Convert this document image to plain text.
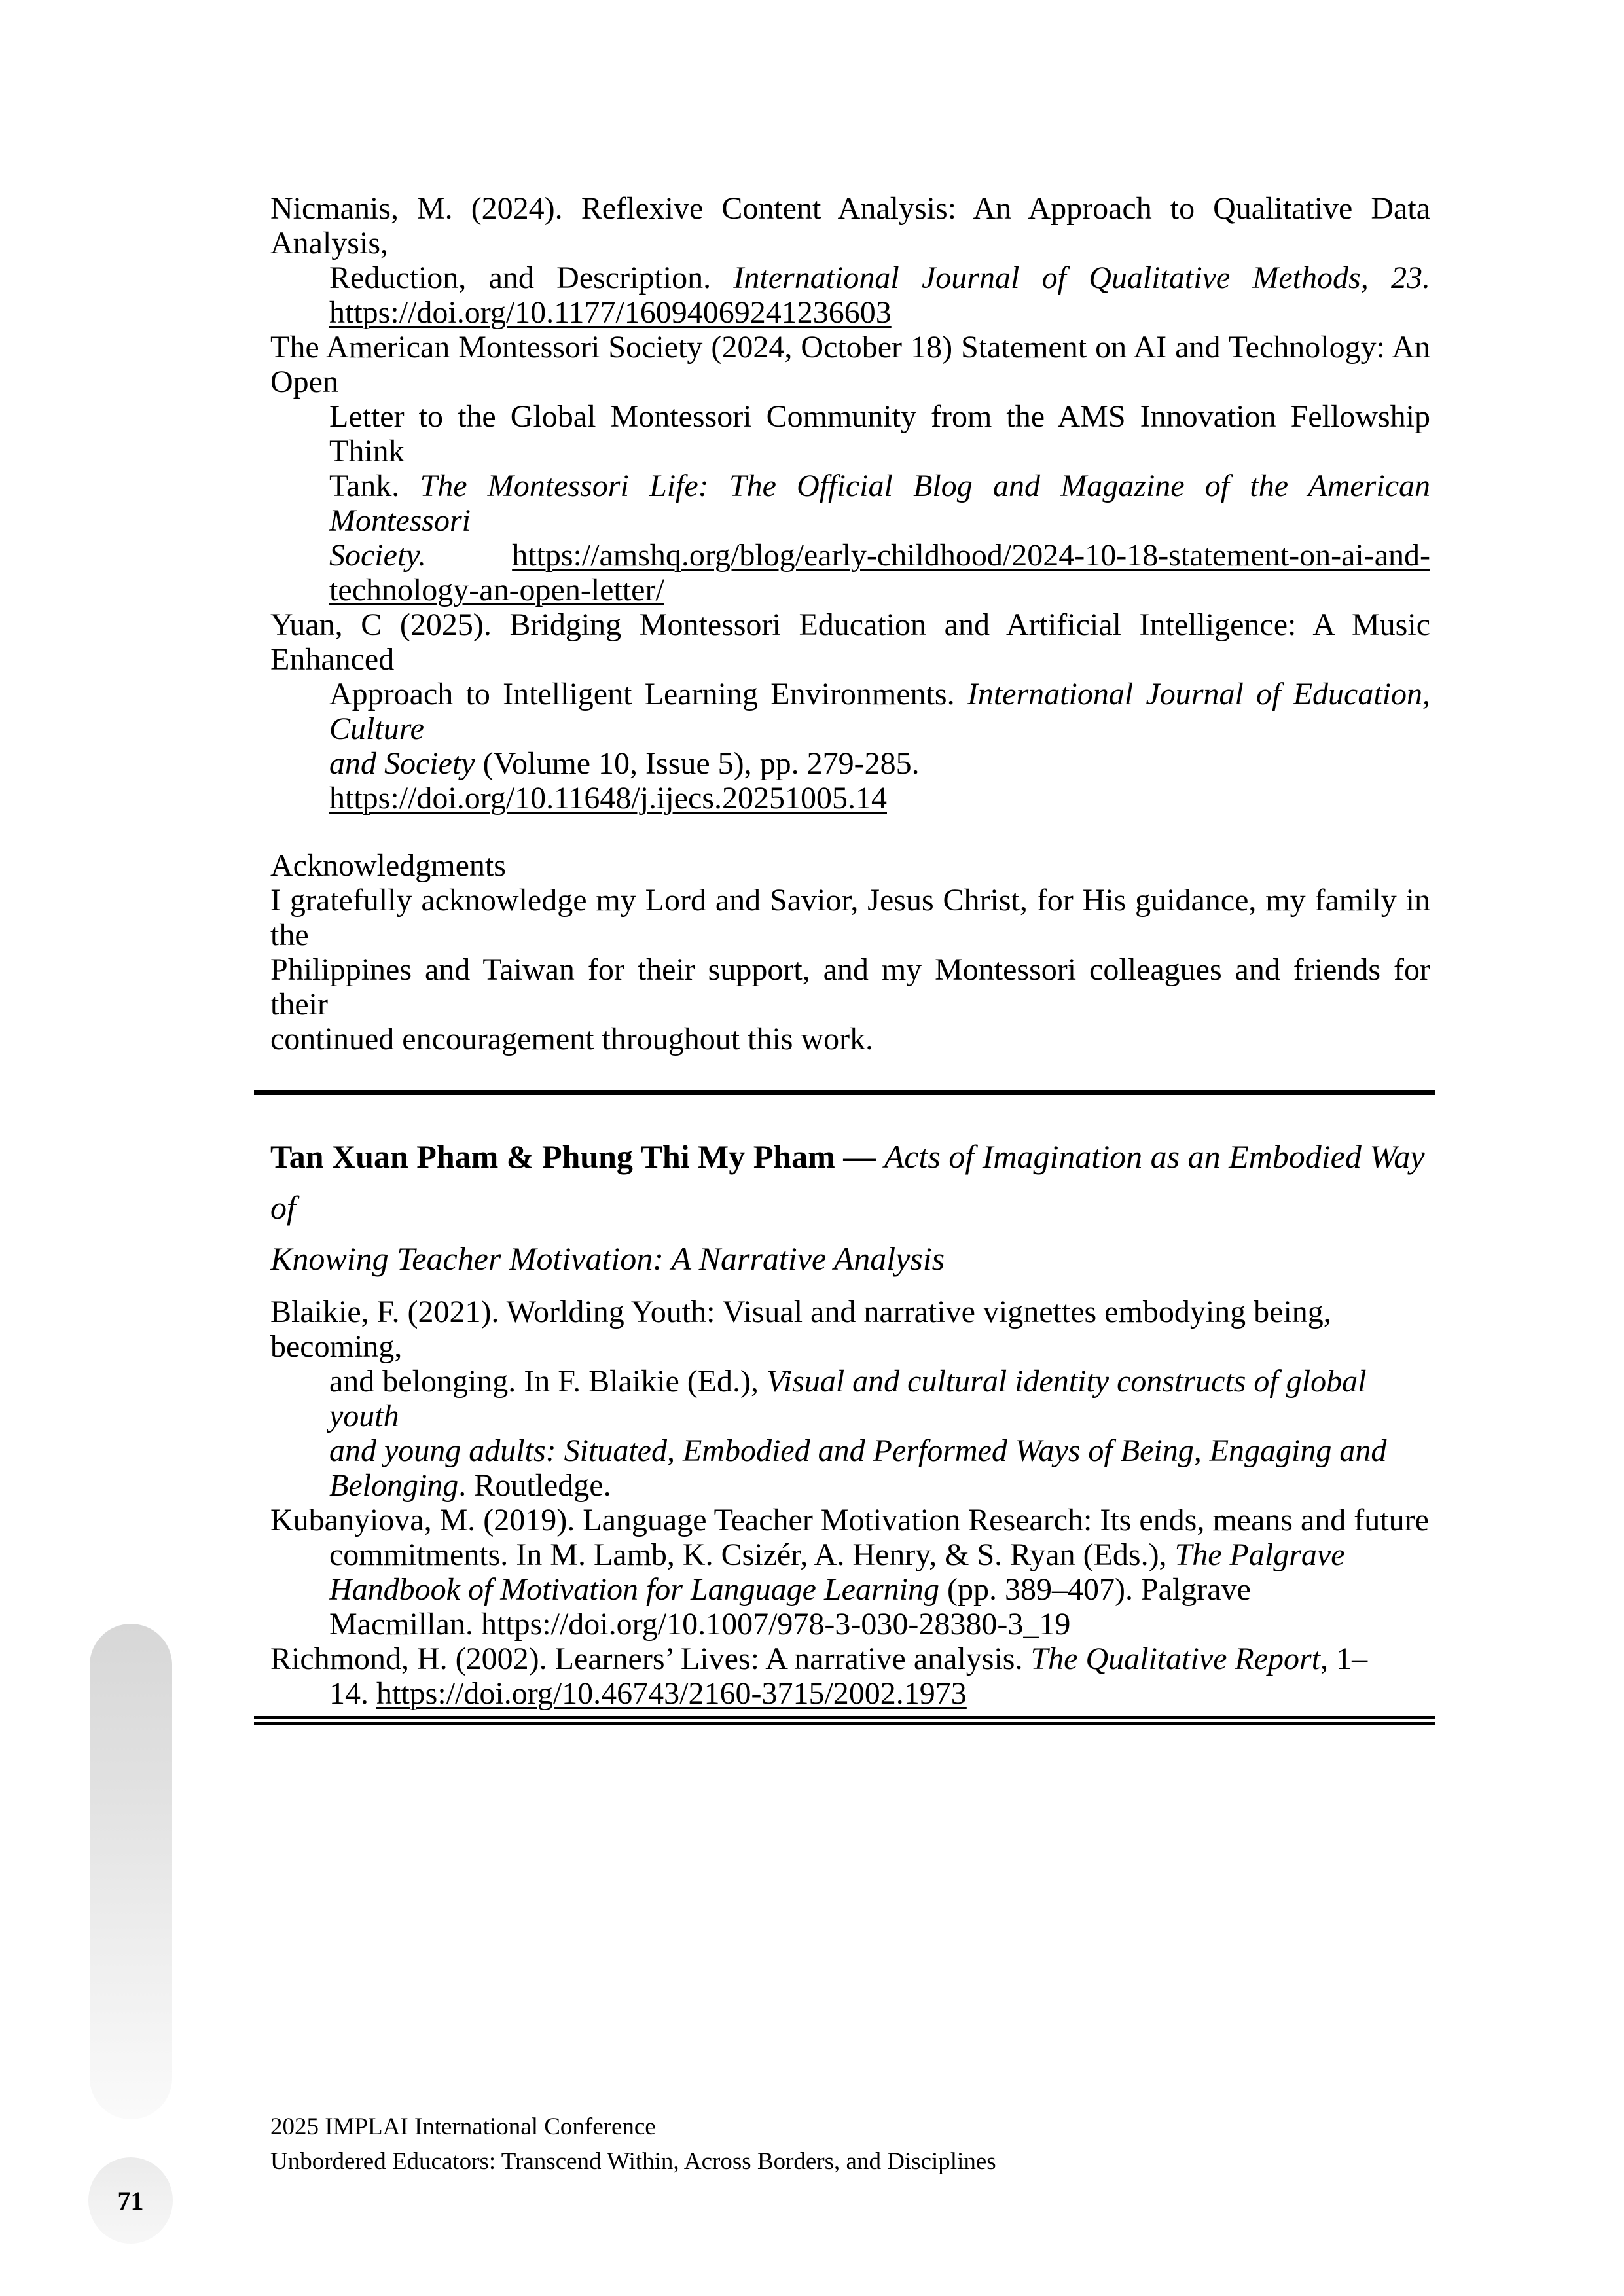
71
Nicmanis, M. (2024). Reflexive Content Analysis: An Approach to Qualitative Data Analysis,
Reduction, and Description. International Journal of Qualitative Methods, 23.
https://doi.org/10.1177/16094069241236603
The American Montessori Society (2024, October 18) Statement on AI and Technology: An Open
Letter to the Global Montessori Community from the AMS Innovation Fellowship Think
Tank. The Montessori Life: The Official Blog and Magazine of the American Montessori
Society. https://amshq.org/blog/early-childhood/2024-10-18-statement-on-ai-and-
technology-an-open-letter/
Yuan, C (2025). Bridging Montessori Education and Artificial Intelligence: A Music Enhanced
Approach to Intelligent Learning Environments. International Journal of Education, Culture
and Society (Volume 10, Issue 5), pp. 279-285. https://doi.org/10.11648/j.ijecs.20251005.14
Acknowledgments
I gratefully acknowledge my Lord and Savior, Jesus Christ, for His guidance, my family in the
Philippines and Taiwan for their support, and my Montessori colleagues and friends for their
continued encouragement throughout this work.
Tan Xuan Pham & Phung Thi My Pham — Acts of Imagination as an Embodied Way of
Knowing Teacher Motivation: A Narrative Analysis
Blaikie, F. (2021). Worlding Youth: Visual and narrative vignettes embodying being, becoming,
and belonging. In F. Blaikie (Ed.), Visual and cultural identity constructs of global youth
and young adults: Situated, Embodied and Performed Ways of Being, Engaging and
Belonging. Routledge.
Kubanyiova, M. (2019). Language Teacher Motivation Research: Its ends, means and future
commitments. In M. Lamb, K. Csizér, A. Henry, & S. Ryan (Eds.), The Palgrave
Handbook of Motivation for Language Learning (pp. 389–407). Palgrave
Macmillan. https://doi.org/10.1007/978-3-030-28380-3_19
Richmond, H. (2002). Learners’ Lives: A narrative analysis. The Qualitative Report, 1–
14. https://doi.org/10.46743/2160-3715/2002.1973
2025 IMPLAI International Conference
Unbordered Educators: Transcend Within, Across Borders, and Disciplines
